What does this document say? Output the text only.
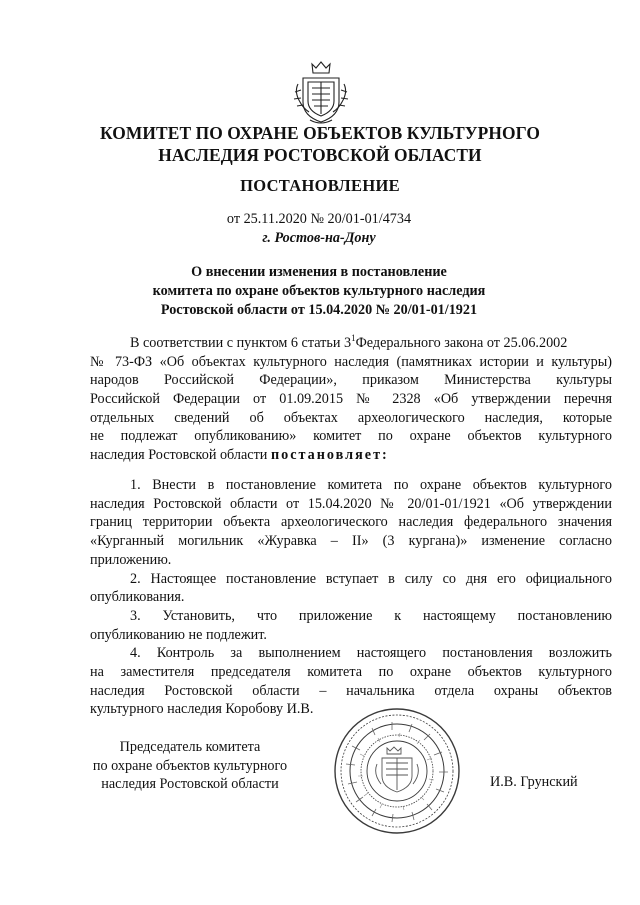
КОМИТЕТ ПО ОХРАНЕ ОБЪЕКТОВ КУЛЬТУРНОГО
НАСЛЕДИЯ РОСТОВСКОЙ ОБЛАСТИ
ПОСТАНОВЛЕНИЕ
от 25.11.2020 № 20/01-01/4734
г. Ростов-на-Дону
О внесении изменения в постановление
комитета по охране объектов культурного наследия
Ростовской области от 15.04.2020 № 20/01-01/1921
В соответствии с пунктом 6 статьи $3^1Федерального$ закона от 25.06.2002
№ 73-ФЗ «Об объектах культурного наследия (памятниках истории и культуры)
народов Российской Федерации», приказом Министерства культуры
Российской Федерации от 01.09.2015 № 2328 «Об утверждении перечня
отдельных сведений об объектах археологического наследия, которые
не подлежат опубликованию» комитет по охране объектов культурного
наследия Ростовской области постановляет:
1. Внести в постановление комитета по охране объектов культурного
наследия Ростовской области от 15.04.2020 № 20/01-01/1921 «Об утверждении
границ территории объекта археологического наследия федерального значения
«Курганный могильник «Журавка – II» (3 кургана)» изменение согласно
приложению.
2. Настоящее постановление вступает в силу со дня его официального
опубликования.
3. Установить, что приложение к настоящему постановлению
опубликованию не подлежит.
4. Контроль за выполнением настоящего постановления возложить
на заместителя председателя комитета по охране объектов культурного
наследия Ростовской области – начальника отдела охраны объектов
культурного наследия Коробову И.В.
Председатель комитета
по охране объектов культурного
наследия Ростовской области	И.В. Грунский
